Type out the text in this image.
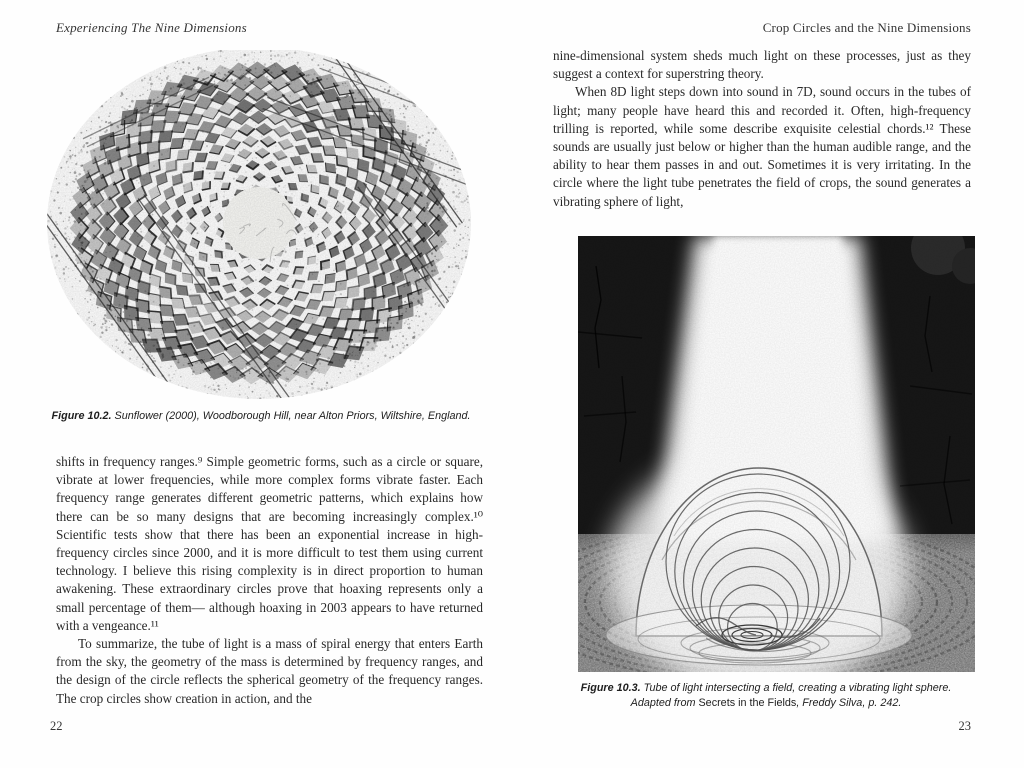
Experiencing The Nine Dimensions
Figure 10.2. Sunflower (2000), Woodborough Hill, near Alton Priors, Wiltshire, England.

shifts in frequency ranges.⁹ Simple geometric forms, such as a circle or square, vibrate at lower frequencies, while more complex forms vibrate faster. Each frequency range generates different geometric patterns, which explains how there can be so many designs that are becoming increasingly complex.¹⁰ Scientific tests show that there has been an exponential increase in high-frequency circles since 2000, and it is more difficult to test them using current technology. I believe this rising complexity is in direct proportion to human awakening. These extraordinary circles prove that hoaxing represents only a small percentage of them— although hoaxing in 2003 appears to have returned with a vengeance.¹¹

To summarize, the tube of light is a mass of spiral energy that enters Earth from the sky, the geometry of the mass is determined by frequency ranges, and the design of the circle reflects the spherical geometry of the frequency ranges. The crop circles show creation in action, and the

22
Crop Circles and the Nine Dimensions

nine-dimensional system sheds much light on these processes, just as they suggest a context for superstring theory.

When 8D light steps down into sound in 7D, sound occurs in the tubes of light; many people have heard this and recorded it. Often, high-frequency trilling is reported, while some describe exquisite celestial chords.¹² These sounds are usually just below or higher than the human audible range, and the ability to hear them passes in and out. Sometimes it is very irritating. In the circle where the light tube penetrates the field of crops, the sound generates a vibrating sphere of light,

Figure 10.3. Tube of light intersecting a field, creating a vibrating light sphere.
Adapted from Secrets in the Fields, Freddy Silva, p. 242.
23
